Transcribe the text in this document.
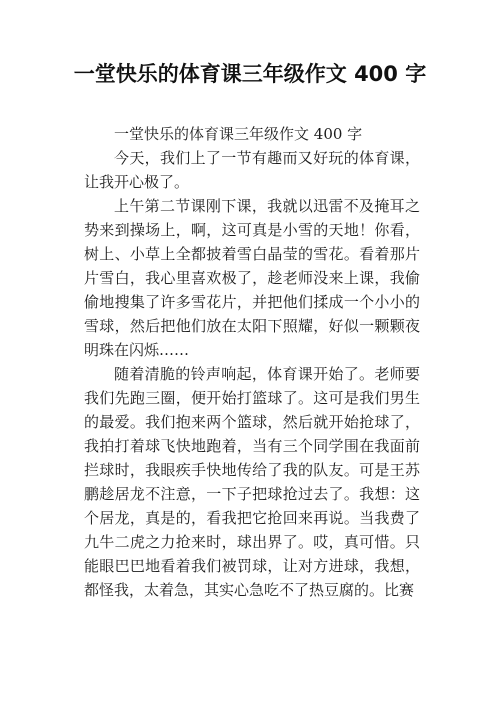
一堂快乐的体育课三年级作文 400 字

一堂快乐的体育课三年级作文 400 字

今天，我们上了一节有趣而又好玩的体育课，让我开心极了。

上午第二节课刚下课，我就以迅雷不及掩耳之势来到操场上，啊，这可真是小雪的天地！你看，树上、小草上全都披着雪白晶莹的雪花。看着那片片雪白，我心里喜欢极了，趁老师没来上课，我偷偷地搜集了许多雪花片，并把他们揉成一个小小的雪球，然后把他们放在太阳下照耀，好似一颗颗夜明珠在闪烁……

随着清脆的铃声响起，体育课开始了。老师要我们先跑三圈，便开始打篮球了。这可是我们男生的最爱。我们抱来两个篮球，然后就开始抢球了，我拍打着球飞快地跑着，当有三个同学围在我面前拦球时，我眼疾手快地传给了我的队友。可是王苏鹏趁居龙不注意，一下子把球抢过去了。我想：这个居龙，真是的，看我把它抢回来再说。当我费了九牛二虎之力抢来时，球出界了。哎，真可惜。只能眼巴巴地看着我们被罚球，让对方进球，我想，都怪我，太着急，其实心急吃不了热豆腐的。比赛
